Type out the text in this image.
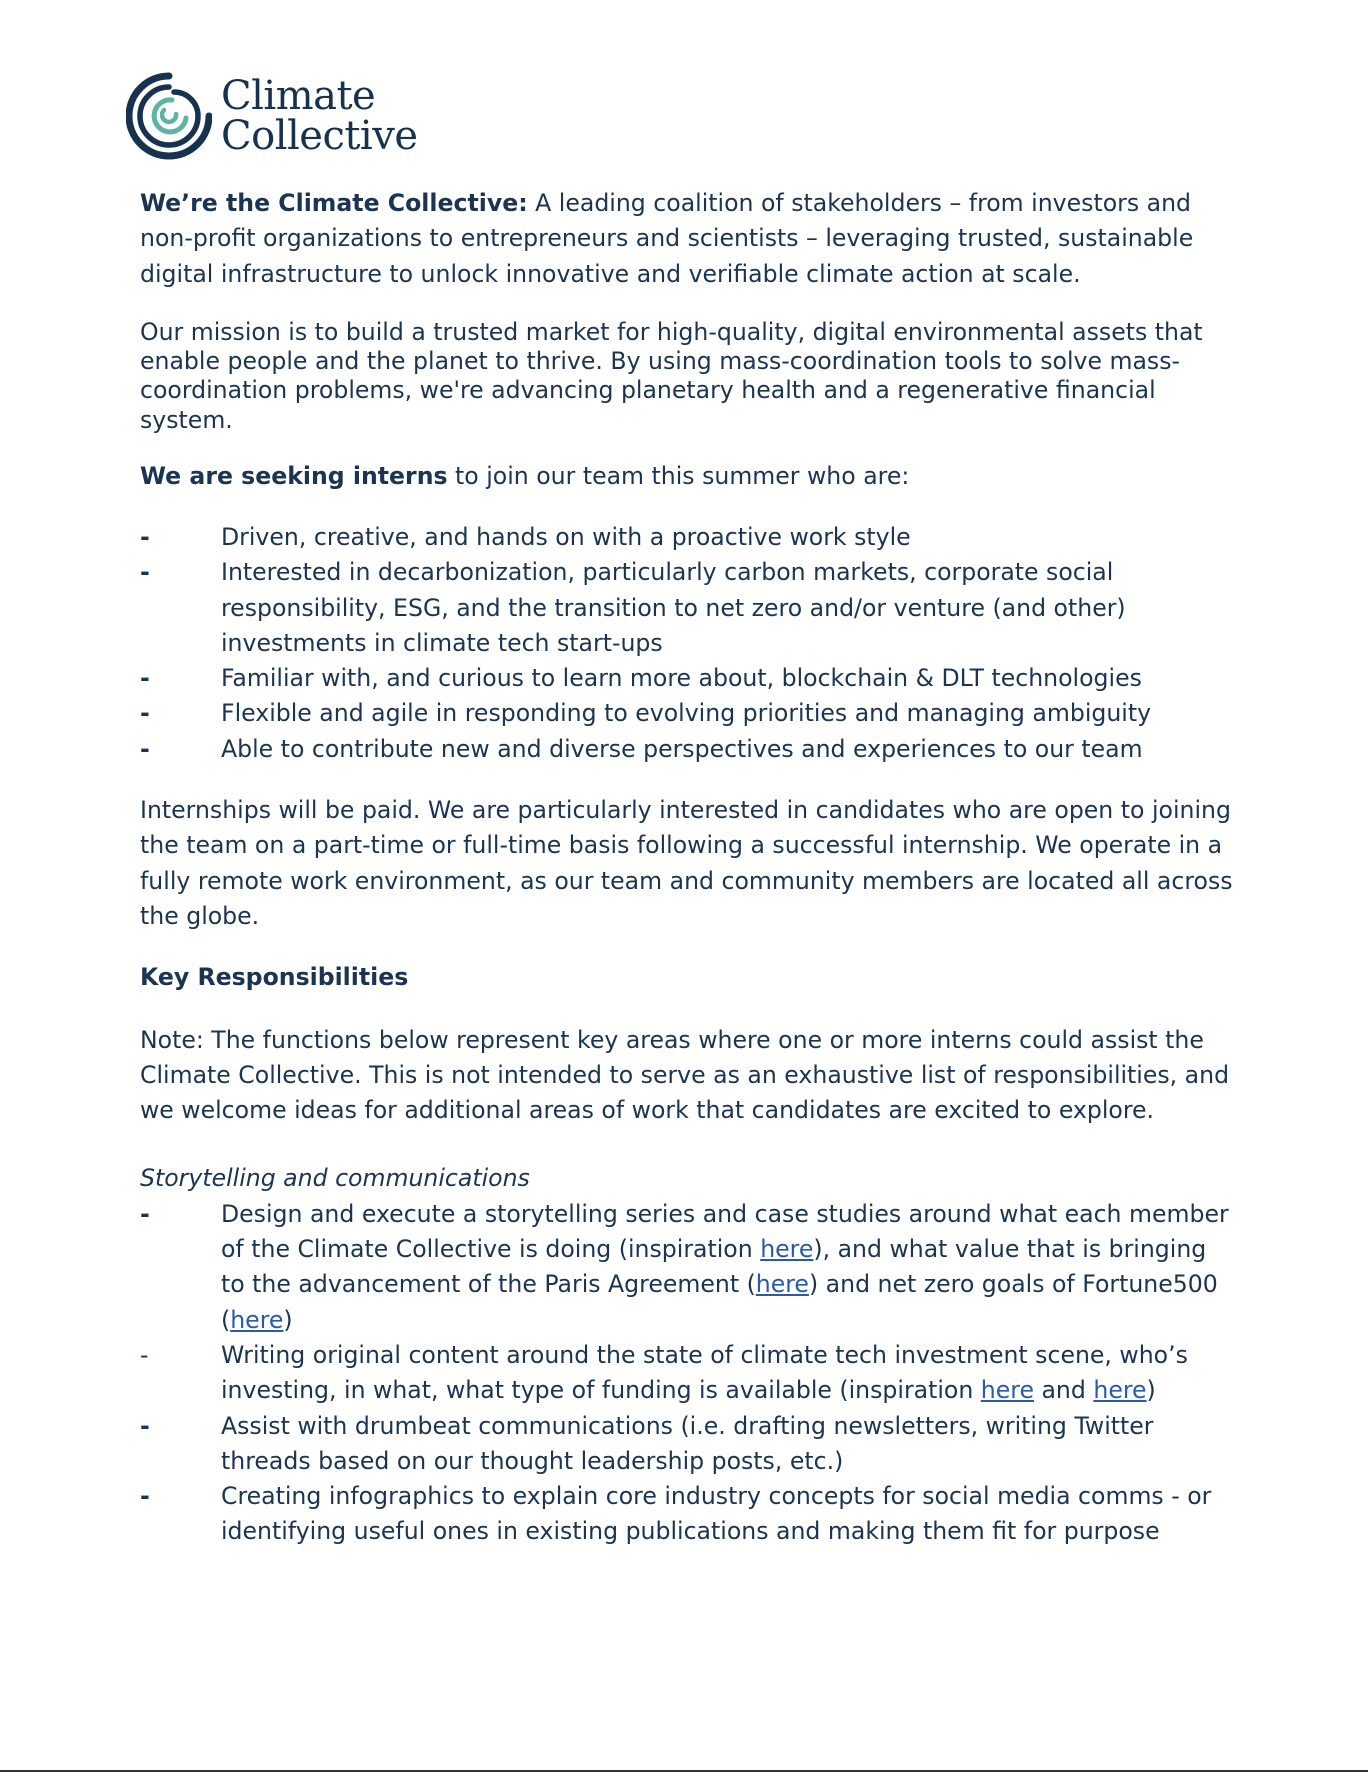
Climate
Collective

We’re the Climate Collective: A leading coalition of stakeholders – from investors and non-profit organizations to entrepreneurs and scientists – leveraging trusted, sustainable digital infrastructure to unlock innovative and verifiable climate action at scale.

Our mission is to build a trusted market for high-quality, digital environmental assets that enable people and the planet to thrive. By using mass-coordination tools to solve mass-coordination problems, we're advancing planetary health and a regenerative financial system.

We are seeking interns to join our team this summer who are:

-	Driven, creative, and hands on with a proactive work style
-	Interested in decarbonization, particularly carbon markets, corporate social responsibility, ESG, and the transition to net zero and/or venture (and other) investments in climate tech start-ups
-	Familiar with, and curious to learn more about, blockchain & DLT technologies
-	Flexible and agile in responding to evolving priorities and managing ambiguity
-	Able to contribute new and diverse perspectives and experiences to our team

Internships will be paid. We are particularly interested in candidates who are open to joining the team on a part-time or full-time basis following a successful internship. We operate in a fully remote work environment, as our team and community members are located all across the globe.

Key Responsibilities

Note: The functions below represent key areas where one or more interns could assist the Climate Collective. This is not intended to serve as an exhaustive list of responsibilities, and we welcome ideas for additional areas of work that candidates are excited to explore.

Storytelling and communications

-	Design and execute a storytelling series and case studies around what each member of the Climate Collective is doing (inspiration here), and what value that is bringing to the advancement of the Paris Agreement (here) and net zero goals of Fortune500 (here)
-	Writing original content around the state of climate tech investment scene, who’s investing, in what, what type of funding is available (inspiration here and here)
-	Assist with drumbeat communications (i.e. drafting newsletters, writing Twitter threads based on our thought leadership posts, etc.)
-	Creating infographics to explain core industry concepts for social media comms - or identifying useful ones in existing publications and making them fit for purpose
